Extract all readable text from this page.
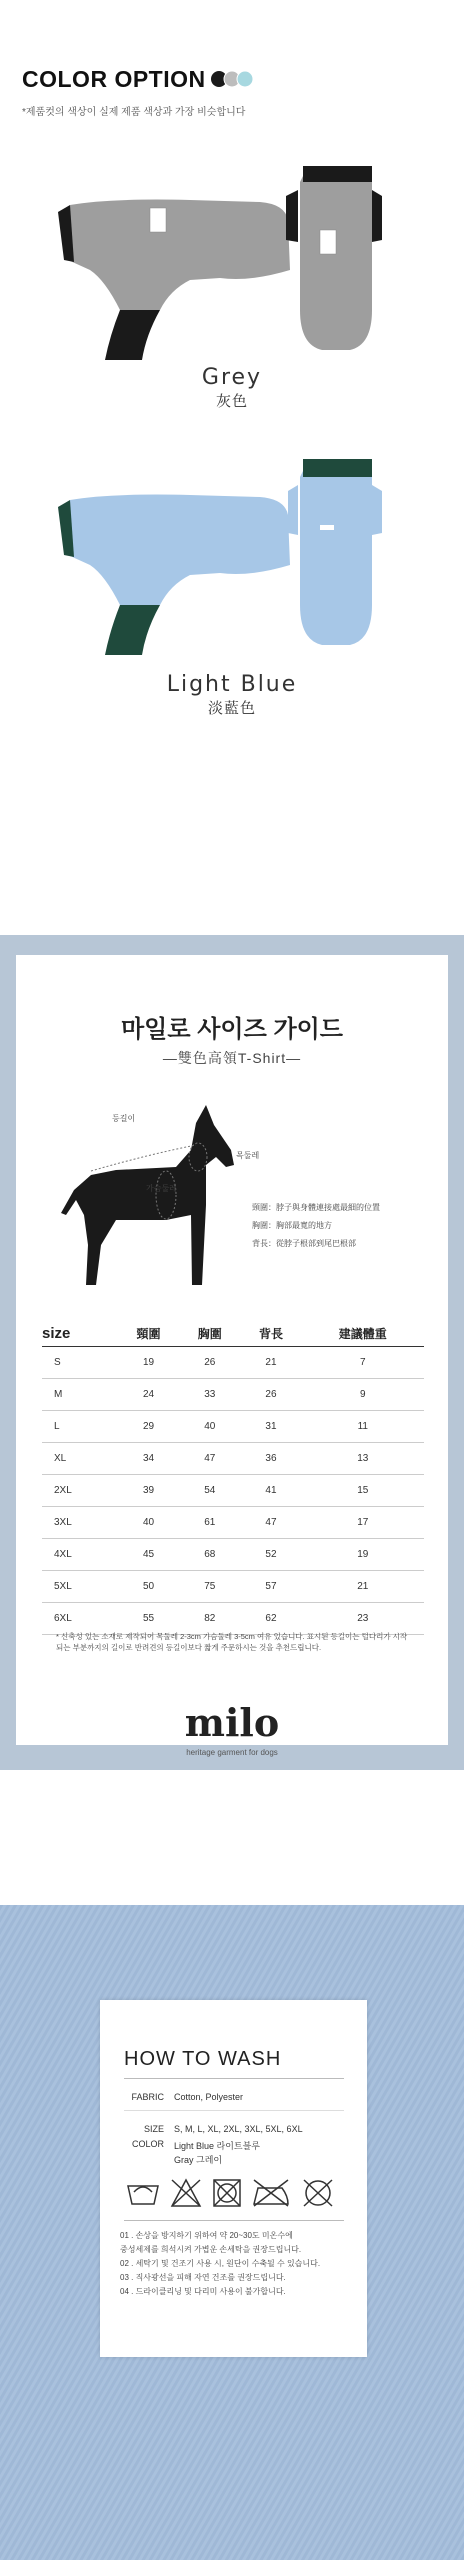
COLOR OPTION
*제품컷의 색상이 실제 제품 색상과 가장 비슷합니다
Grey
灰色
Light Blue
淡藍色
마일로 사이즈 가이드
—雙色高領T-Shirt—
등길이
목둘레
가슴둘레
頸圍：脖子與身體連接處最細的位置
胸圍：胸部最寬的地方
背長：從脖子根部到尾巴根部
size	頸圍	胸圍	背長	建議體重
S	19	26	21	7
M	24	33	26	9
L	29	40	31	11
XL	34	47	36	13
2XL	39	54	41	15
3XL	40	61	47	17
4XL	45	68	52	19
5XL	50	75	57	21
6XL	55	82	62	23
* 신축성 있는 소재로 제작되어 목둘레 2-3cm 가슴둘레 3-5cm 여유 있습니다. 표시된 등길이는 털다리가 시작되는 부분까지의 길이로 반려견의 등길이보다 짧게 주문하시는 것을 추천드립니다.
milo
heritage garment for dogs
HOW TO WASH
FABRIC Cotton, Polyester
SIZE S, M, L, XL, 2XL, 3XL, 5XL, 6XL
COLOR Light Blue 라이트블루
Gray 그레이
01 . 손상을 방지하기 위하여 약 20~30도 미온수에
중성세제를 희석시켜 가볍운 손세탁을 권장드립니다.
02 . 세탁기 및 건조기 사용 시, 원단이 수축될 수 있습니다.
03 . 직사광선을 피해 자연 건조를 권장드립니다.
04 . 드라이클리닝 및 다리미 사용이 불가합니다.
